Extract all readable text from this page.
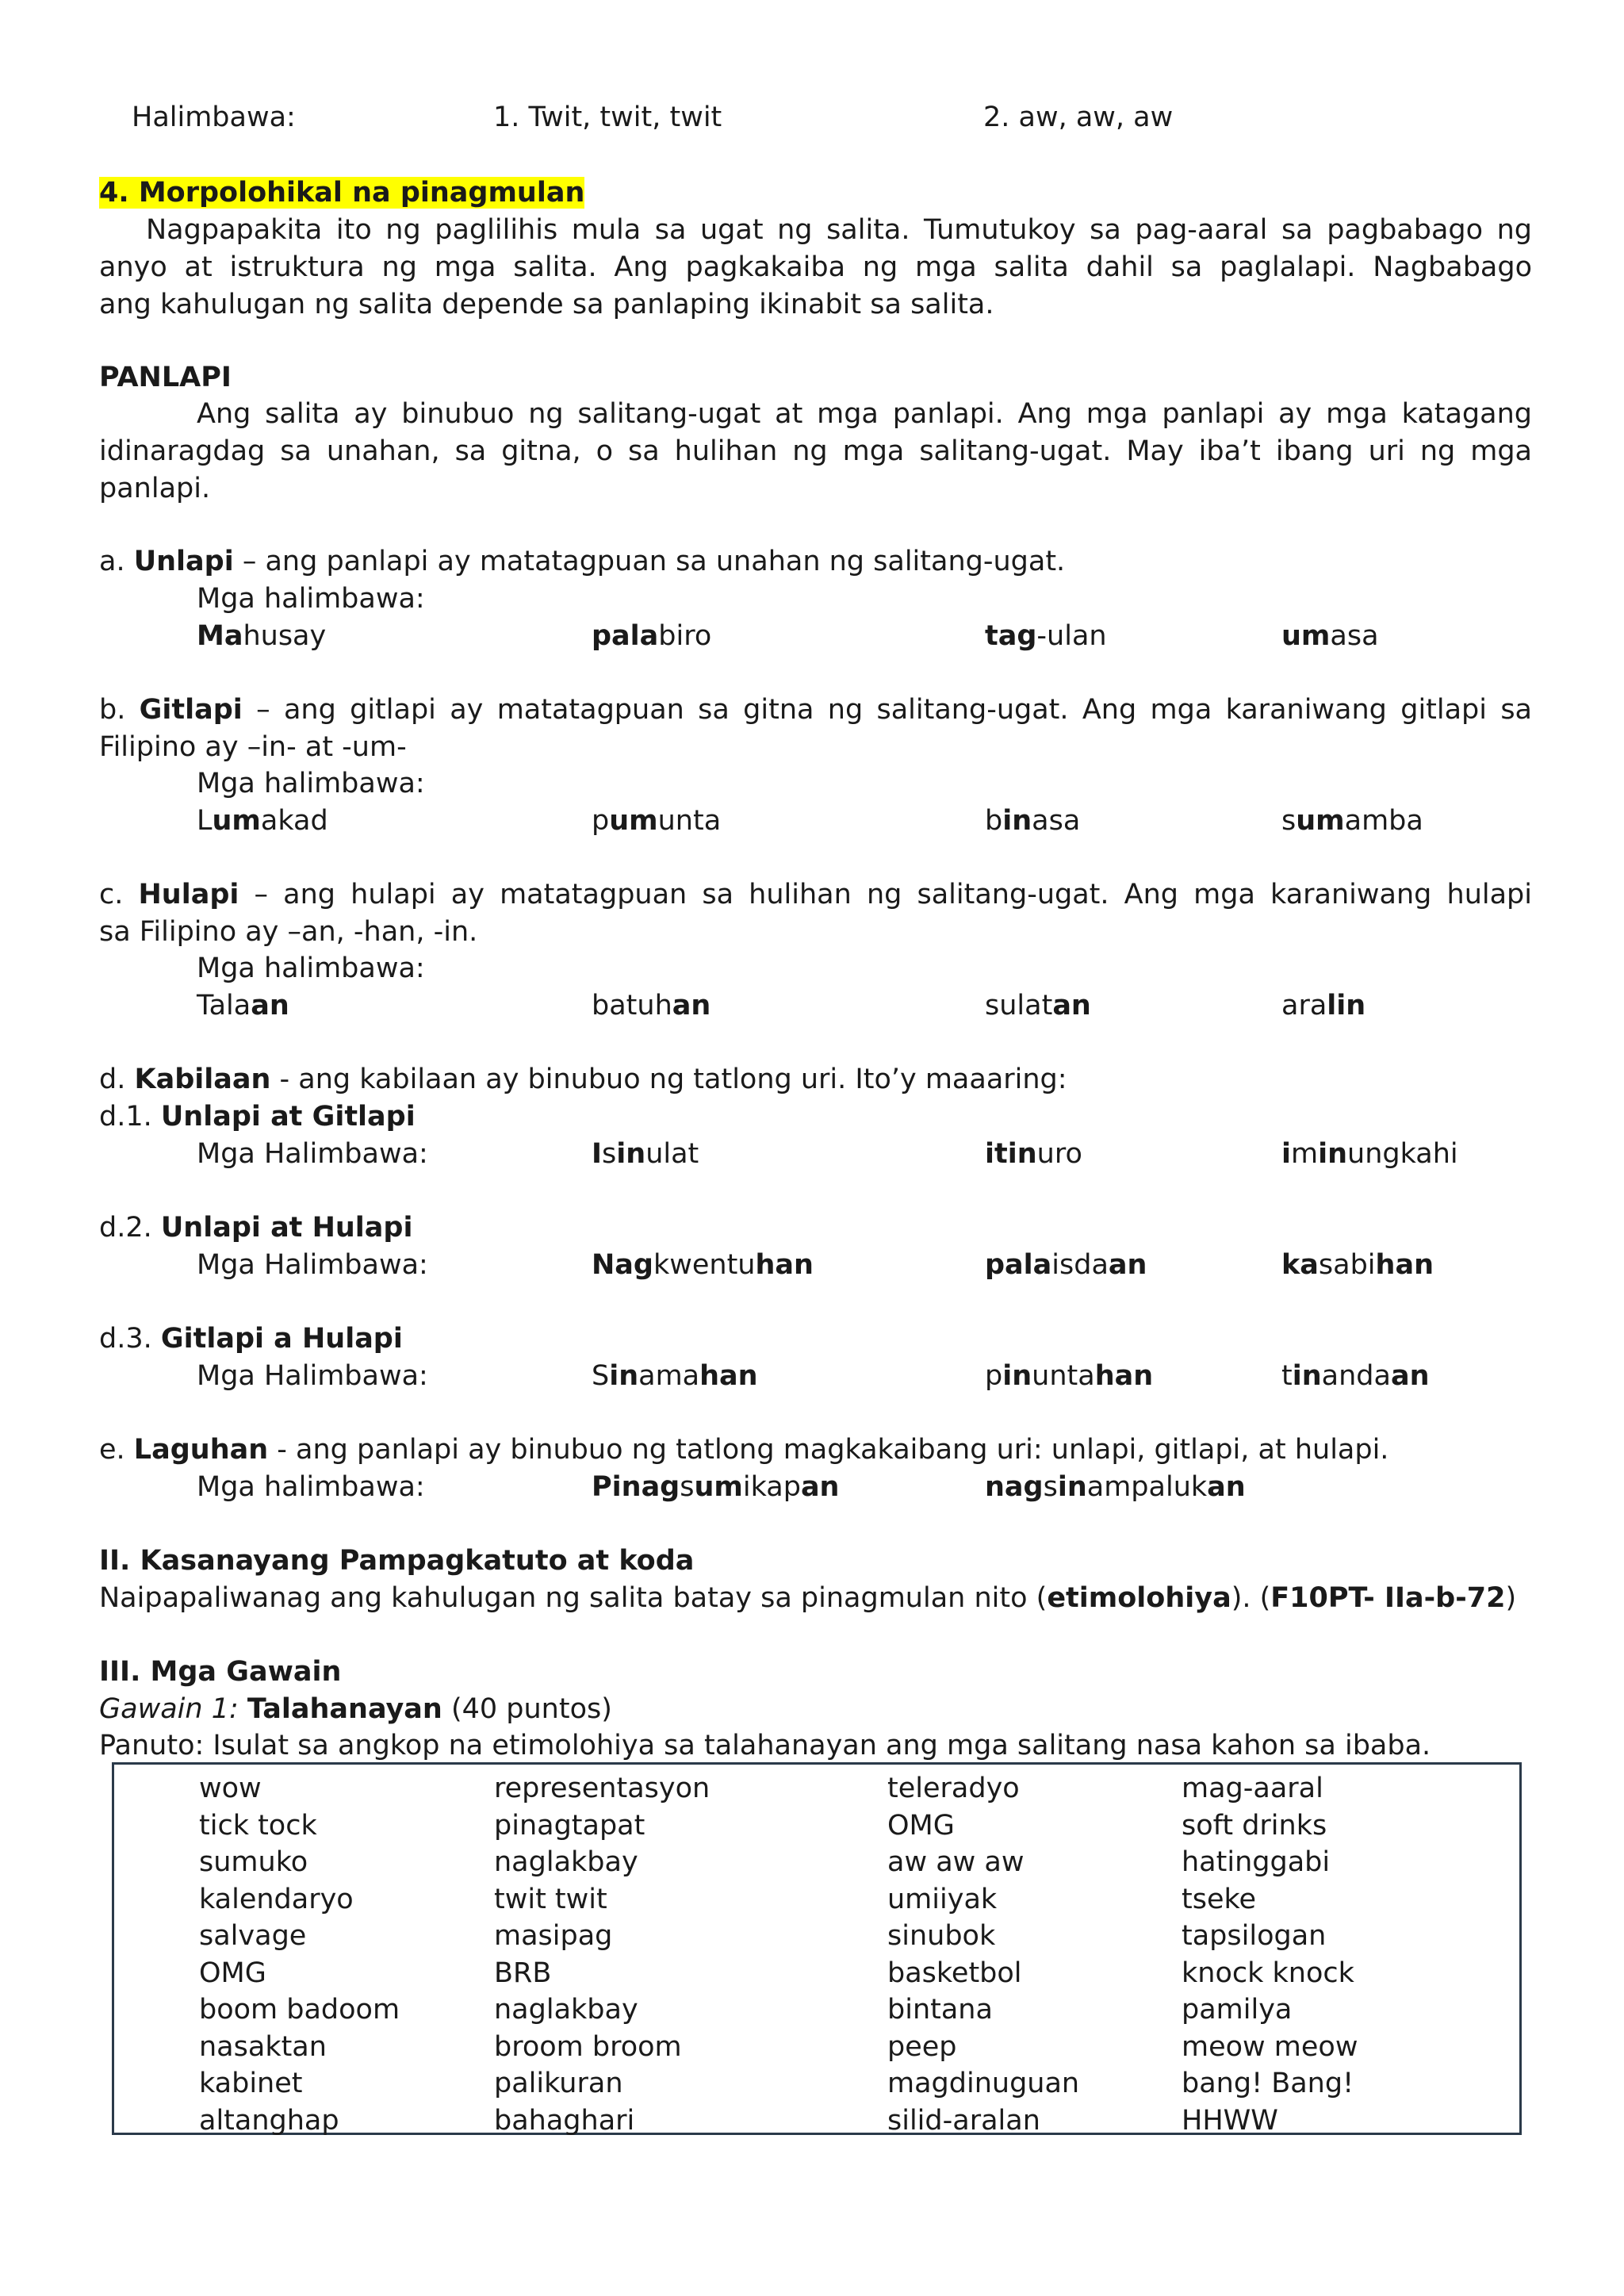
Halimbawa:	1. Twit, twit, twit	2. aw, aw, aw
4. Morpolohikal na pinagmulan
Nagpapakita ito ng paglilihis mula sa ugat ng salita. Tumutukoy sa pag-aaral sa pagbabago ng
anyo at istruktura ng mga salita. Ang pagkakaiba ng mga salita dahil sa paglalapi. Nagbabago
ang kahulugan ng salita depende sa panlaping ikinabit sa salita.
PANLAPI
Ang salita ay binubuo ng salitang-ugat at mga panlapi. Ang mga panlapi ay mga katagang
idinaragdag sa unahan, sa gitna, o sa hulihan ng mga salitang-ugat. May iba’t ibang uri ng mga
panlapi.
a. Unlapi – ang panlapi ay matatagpuan sa unahan ng salitang-ugat.
Mga halimbawa:
Mahusay	palabiro	tag-ulan	umasa
b. Gitlapi – ang gitlapi ay matatagpuan sa gitna ng salitang-ugat. Ang mga karaniwang gitlapi sa
Filipino ay –in- at -um-
Mga halimbawa:
Lumakad	pumunta	binasa	sumamba
c. Hulapi – ang hulapi ay matatagpuan sa hulihan ng salitang-ugat. Ang mga karaniwang hulapi
sa Filipino ay –an, -han, -in.
Mga halimbawa:
Talaan	batuhan	sulatan	aralin
d. Kabilaan - ang kabilaan ay binubuo ng tatlong uri. Ito’y maaaring:
d.1. Unlapi at Gitlapi
Mga Halimbawa:	Isinulat	itinuro	iminungkahi
d.2. Unlapi at Hulapi
Mga Halimbawa:	Nagkwentuhan	palaisdaan	kasabihan
d.3. Gitlapi a Hulapi
Mga Halimbawa:	Sinamahan	pinuntahan	tinandaan
e. Laguhan - ang panlapi ay binubuo ng tatlong magkakaibang uri: unlapi, gitlapi, at hulapi.
Mga halimbawa:	Pinagsumikapan	nagsinampalukan
II. Kasanayang Pampagkatuto at koda
Naipapaliwanag ang kahulugan ng salita batay sa pinagmulan nito (etimolohiya). (F10PT- IIa-b-72)
III. Mga Gawain
Gawain 1: Talahanayan (40 puntos)
Panuto: Isulat sa angkop na etimolohiya sa talahanayan ang mga salitang nasa kahon sa ibaba.
wow	representasyon	teleradyo	mag-aaral
tick tock	pinagtapat	OMG	soft drinks
sumuko	naglakbay	aw aw aw	hatinggabi
kalendaryo	twit twit	umiiyak	tseke
salvage	masipag	sinubok	tapsilogan
OMG	BRB	basketbol	knock knock
boom badoom	naglakbay	bintana	pamilya
nasaktan	broom broom	peep	meow meow
kabinet	palikuran	magdinuguan	bang! Bang!
altanghap	bahaghari	silid-aralan	HHWW
